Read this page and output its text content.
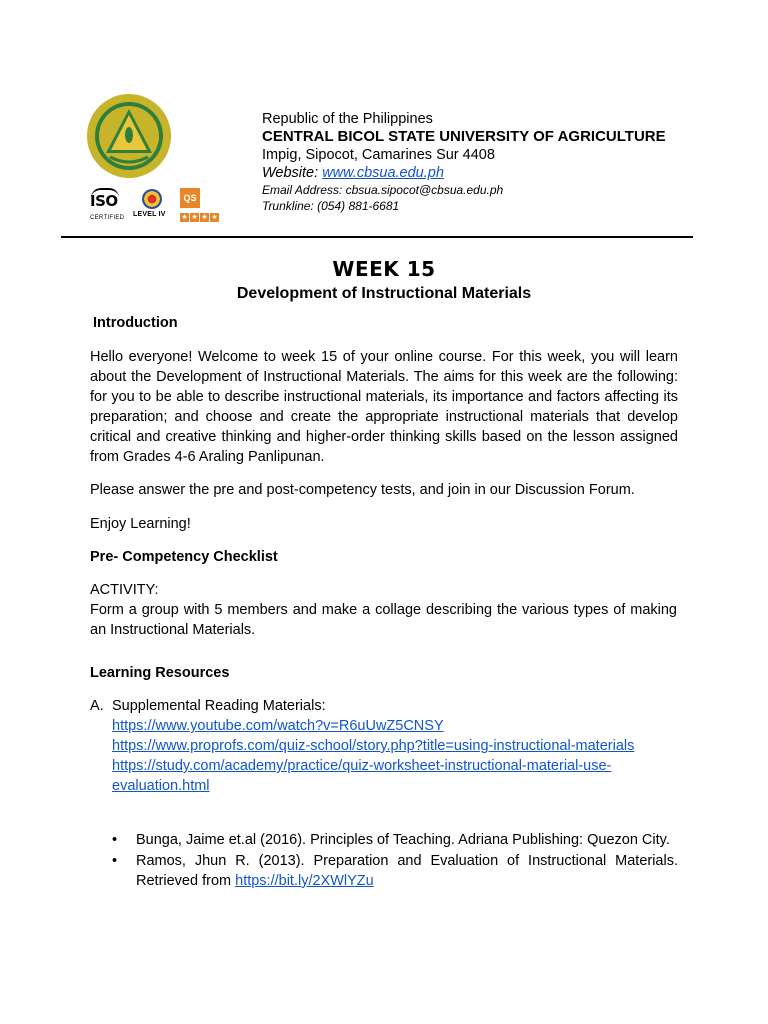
ISO
CERTIFIED LEVEL IV
QS
★ ★ ★ ★
Republic of the Philippines
CENTRAL BICOL STATE UNIVERSITY OF AGRICULTURE
Impig, Sipocot, Camarines Sur 4408
Website: www.cbsua.edu.ph
Email Address: cbsua.sipocot@cbsua.edu.ph
Trunkline: (054) 881-6681
WEEK 15
Development of Instructional Materials
Introduction
Hello everyone! Welcome to week 15 of your online course. For this week, you will learn about the Development of Instructional Materials. The aims for this week are the following: for you to be able to describe instructional materials, its importance and factors affecting its preparation; and choose and create the appropriate instructional materials that develop critical and creative thinking and higher-order thinking skills based on the lesson assigned from Grades 4-6 Araling Panlipunan.
Please answer the pre and post-competency tests, and join in our Discussion Forum.
Enjoy Learning!
Pre- Competency Checklist
ACTIVITY:
Form a group with 5 members and make a collage describing the various types of making an Instructional Materials.
Learning Resources
A. Supplemental Reading Materials:
https://www.youtube.com/watch?v=R6uUwZ5CNSY
https://www.proprofs.com/quiz-school/story.php?title=using-instructional-materials
https://study.com/academy/practice/quiz-worksheet-instructional-material-use-
evaluation.html
• Bunga, Jaime et.al (2016). Principles of Teaching. Adriana Publishing: Quezon City.
• Ramos, Jhun R. (2013). Preparation and Evaluation of Instructional Materials. Retrieved from https://bit.ly/2XWlYZu
